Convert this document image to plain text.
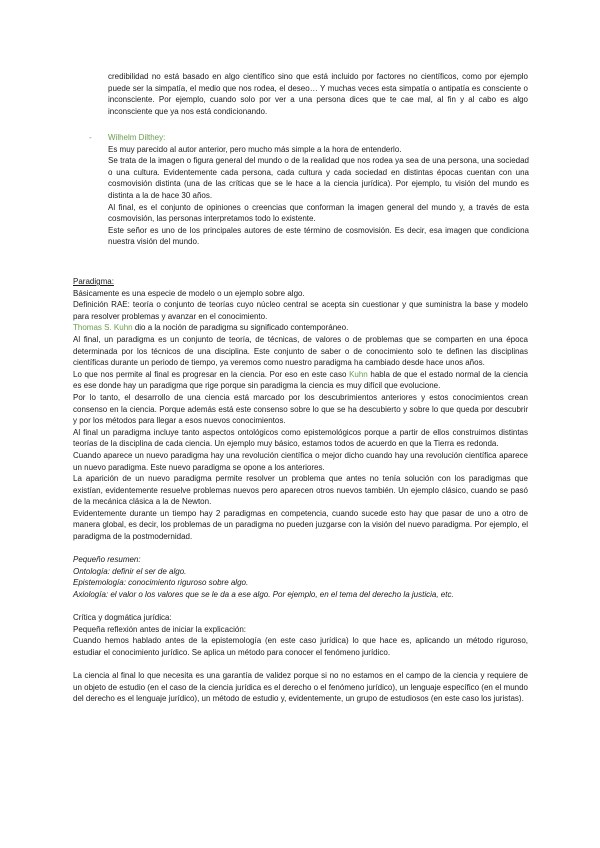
credibilidad no está basado en algo científico sino que está incluido por factores no científicos, como por ejemplo puede ser la simpatía, el medio que nos rodea, el deseo… Y muchas veces esta simpatía o antipatía es consciente o inconsciente. Por ejemplo, cuando solo por ver a una persona dices que te cae mal, al fin y al cabo es algo inconsciente que ya nos está condicionando.

-	Wilhelm Dilthey:

Es muy parecido al autor anterior, pero mucho más simple a la hora de entenderlo.

Se trata de la imagen o figura general del mundo o de la realidad que nos rodea ya sea de una persona, una sociedad o una cultura. Evidentemente cada persona, cada cultura y cada sociedad en distintas épocas cuentan con una cosmovisión distinta (una de las críticas que se le hace a la ciencia jurídica). Por ejemplo, tu visión del mundo es distinta a la de hace 30 años.

Al final, es el conjunto de opiniones o creencias que conforman la imagen general del mundo y, a través de esta cosmovisión, las personas interpretamos todo lo existente.

Este señor es uno de los principales autores de este término de cosmovisión. Es decir, esa imagen que condiciona nuestra visión del mundo.

Paradigma:

Básicamente es una especie de modelo o un ejemplo sobre algo.

Definición RAE: teoría o conjunto de teorías cuyo núcleo central se acepta sin cuestionar y que suministra la base y modelo para resolver problemas y avanzar en el conocimiento.

Thomas S. Kuhn dio a la noción de paradigma su significado contemporáneo.

Al final, un paradigma es un conjunto de teoría, de técnicas, de valores o de problemas que se comparten en una época determinada por los técnicos de una disciplina. Este conjunto de saber o de conocimiento solo te definen las disciplinas científicas durante un periodo de tiempo, ya veremos como nuestro paradigma ha cambiado desde hace unos años.

Lo que nos permite al final es progresar en la ciencia. Por eso en este caso Kuhn habla de que el estado normal de la ciencia es ese donde hay un paradigma que rige porque sin paradigma la ciencia es muy difícil que evolucione.

Por lo tanto, el desarrollo de una ciencia está marcado por los descubrimientos anteriores y estos conocimientos crean consenso en la ciencia. Porque además está este consenso sobre lo que se ha descubierto y sobre lo que queda por descubrir y por los métodos para llegar a esos nuevos conocimientos.

Al final un paradigma incluye tanto aspectos ontológicos como epistemológicos porque a partir de ellos construimos distintas teorías de la disciplina de cada ciencia. Un ejemplo muy básico, estamos todos de acuerdo en que la Tierra es redonda.

Cuando aparece un nuevo paradigma hay una revolución científica o mejor dicho cuando hay una revolución científica aparece un nuevo paradigma. Este nuevo paradigma se opone a los anteriores.

La aparición de un nuevo paradigma permite resolver un problema que antes no tenía solución con los paradigmas que existían, evidentemente resuelve problemas nuevos pero aparecen otros nuevos también. Un ejemplo clásico, cuando se pasó de la mecánica clásica a la de Newton.

Evidentemente durante un tiempo hay 2 paradigmas en competencia, cuando sucede esto hay que pasar de uno a otro de manera global, es decir, los problemas de un paradigma no pueden juzgarse con la visión del nuevo paradigma. Por ejemplo, el paradigma de la postmodernidad.

Pequeño resumen:

Ontología: definir el ser de algo.

Epistemología: conocimiento riguroso sobre algo.

Axiología: el valor o los valores que se le da a ese algo. Por ejemplo, en el tema del derecho la justicia, etc.

Crítica y dogmática jurídica:

Pequeña reflexión antes de iniciar la explicación:

Cuando hemos hablado antes de la epistemología (en este caso jurídica) lo que hace es, aplicando un método riguroso, estudiar el conocimiento jurídico. Se aplica un método para conocer el fenómeno jurídico.

La ciencia al final lo que necesita es una garantía de validez porque si no no estamos en el campo de la ciencia y requiere de un objeto de estudio (en el caso de la ciencia jurídica es el derecho o el fenómeno jurídico), un lenguaje específico (en el mundo del derecho es el lenguaje jurídico), un método de estudio y, evidentemente, un grupo de estudiosos (en este caso los juristas).
